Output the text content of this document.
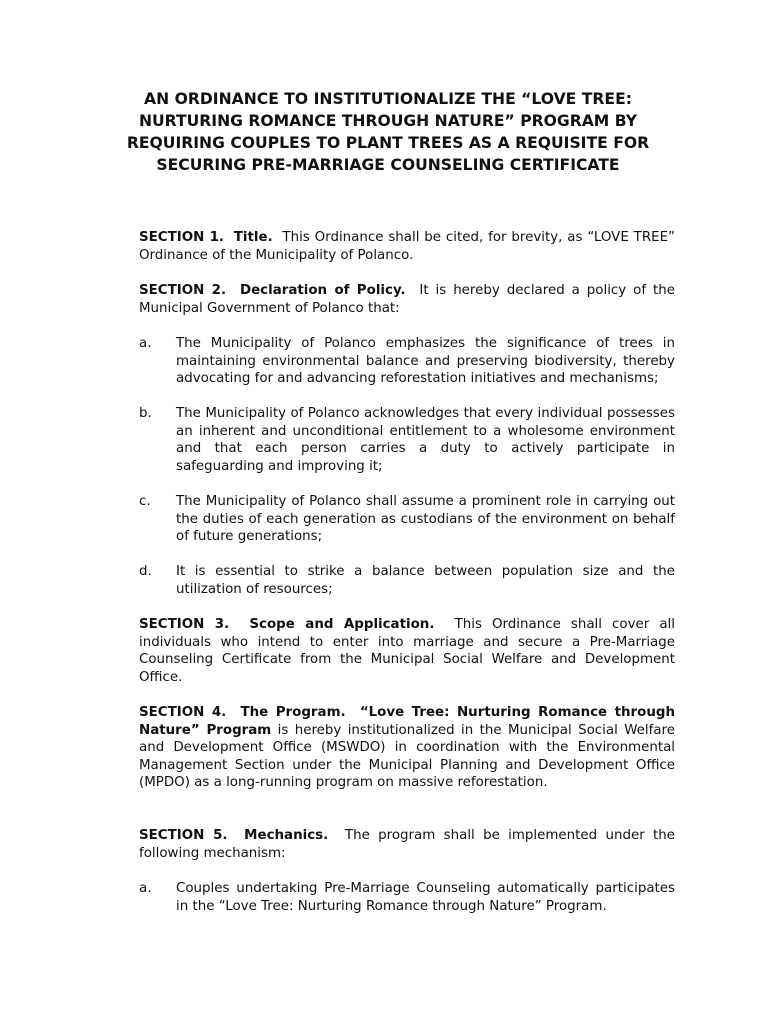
AN ORDINANCE TO INSTITUTIONALIZE THE “LOVE TREE: NURTURING ROMANCE THROUGH NATURE” PROGRAM BY REQUIRING COUPLES TO PLANT TREES AS A REQUISITE FOR SECURING PRE-MARRIAGE COUNSELING CERTIFICATE

SECTION 1. Title. This Ordinance shall be cited, for brevity, as “LOVE TREE” Ordinance of the Municipality of Polanco.

SECTION 2. Declaration of Policy. It is hereby declared a policy of the Municipal Government of Polanco that:

a. The Municipality of Polanco emphasizes the significance of trees in maintaining environmental balance and preserving biodiversity, thereby advocating for and advancing reforestation initiatives and mechanisms;
b. The Municipality of Polanco acknowledges that every individual possesses an inherent and unconditional entitlement to a wholesome environment and that each person carries a duty to actively participate in safeguarding and improving it;
c. The Municipality of Polanco shall assume a prominent role in carrying out the duties of each generation as custodians of the environment on behalf of future generations;
d. It is essential to strike a balance between population size and the utilization of resources;

SECTION 3. Scope and Application. This Ordinance shall cover all individuals who intend to enter into marriage and secure a Pre-Marriage Counseling Certificate from the Municipal Social Welfare and Development Office.

SECTION 4. The Program. “Love Tree: Nurturing Romance through Nature” Program is hereby institutionalized in the Municipal Social Welfare and Development Office (MSWDO) in coordination with the Environmental Management Section under the Municipal Planning and Development Office (MPDO) as a long-running program on massive reforestation.

SECTION 5. Mechanics. The program shall be implemented under the following mechanism:

a. Couples undertaking Pre-Marriage Counseling automatically participates in the “Love Tree: Nurturing Romance through Nature” Program.
